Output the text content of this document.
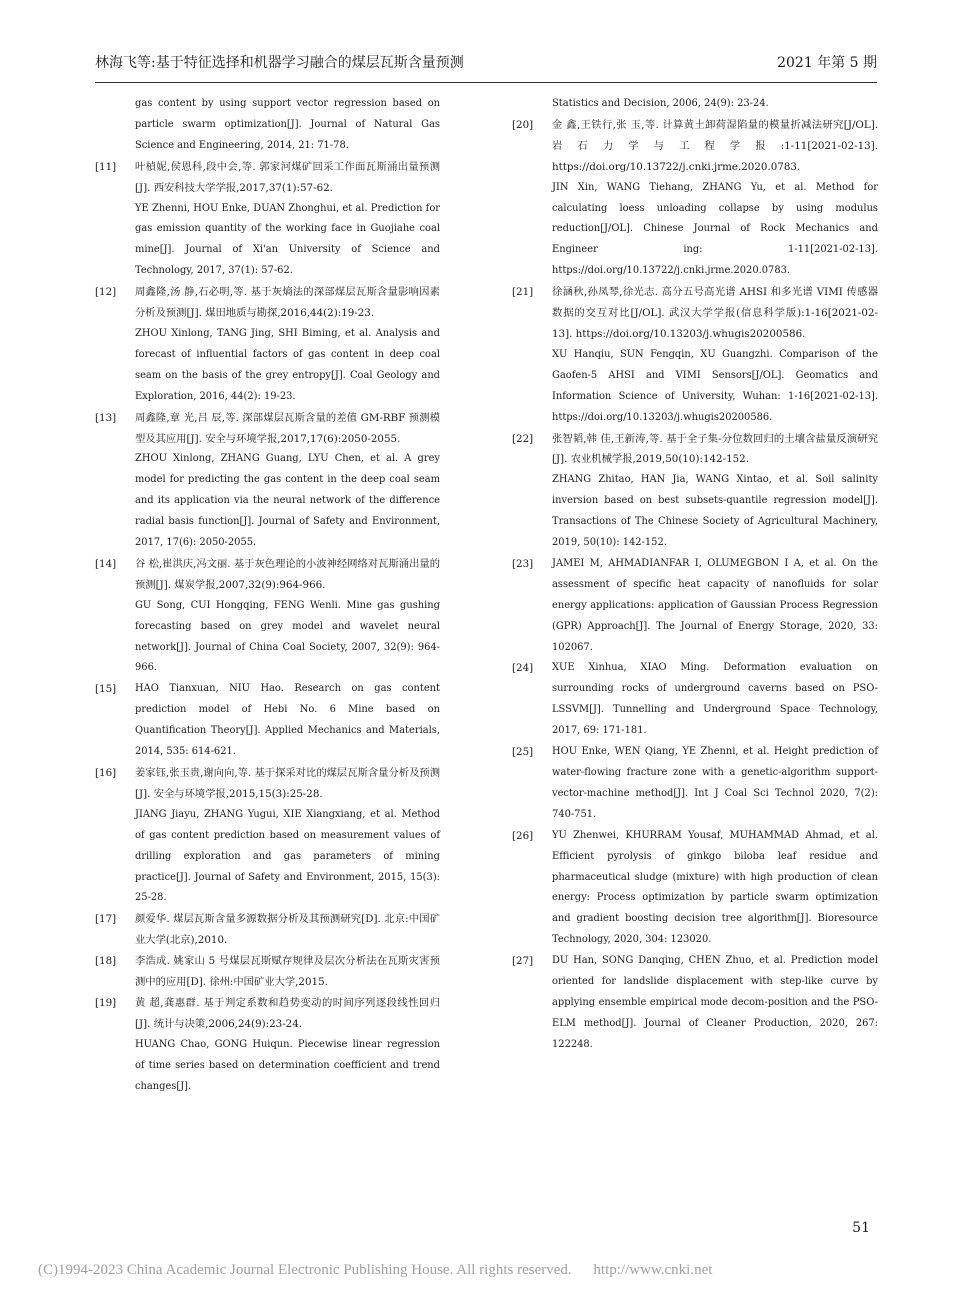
林海飞等:基于特征选择和机器学习融合的煤层瓦斯含量预测	2021 年第 5 期
gas content by using support vector regression based on particle swarm optimization[J]. Journal of Natural Gas Science and Engineering, 2014, 21: 71-78.
[11]	叶楨妮,侯恩科,段中会,等. 郭家河煤矿回采工作面瓦斯涌出量预测[J]. 西安科技大学学报,2017,37(1):57-62.
YE Zhenni, HOU Enke, DUAN Zhonghui, et al. Prediction for gas emission quantity of the working face in Guojiahe coal mine[J]. Journal of Xi'an University of Science and Technology, 2017, 37(1): 57-62.
[12]	周鑫隆,汤 静,石必明,等. 基于灰熵法的深部煤层瓦斯含量影响因素分析及预测[J]. 煤田地质与勘探,2016,44(2):19-23.
ZHOU Xinlong, TANG Jing, SHI Biming, et al. Analysis and forecast of influential factors of gas content in deep coal seam on the basis of the grey entropy[J]. Coal Geology and Exploration, 2016, 44(2): 19-23.
[13]	周鑫隆,章 光,吕 辰,等. 深部煤层瓦斯含量的差值 GM-RBF 预测模型及其应用[J]. 安全与环境学报,2017,17(6):2050-2055.
ZHOU Xinlong, ZHANG Guang, LYU Chen, et al. A grey model for predicting the gas content in the deep coal seam and its application via the neural network of the difference radial basis function[J]. Journal of Safety and Environment, 2017, 17(6): 2050-2055.
[14]	谷 松,崔洪庆,冯文丽. 基于灰色理论的小波神经网络对瓦斯涌出量的预测[J]. 煤炭学报,2007,32(9):964-966.
GU Song, CUI Hongqing, FENG Wenli. Mine gas gushing forecasting based on grey model and wavelet neural network[J]. Journal of China Coal Society, 2007, 32(9): 964-966.
[15]	HAO Tianxuan, NIU Hao. Research on gas content prediction model of Hebi No. 6 Mine based on Quantification Theory[J]. Applied Mechanics and Materials, 2014, 535: 614-621.
[16]	姜家钰,张玉贵,谢向向,等. 基于探采对比的煤层瓦斯含量分析及预测[J]. 安全与环境学报,2015,15(3):25-28.
JIANG Jiayu, ZHANG Yugui, XIE Xiangxiang, et al. Method of gas content prediction based on measurement values of drilling exploration and gas parameters of mining practice[J]. Journal of Safety and Environment, 2015, 15(3): 25-28.
[17]	颜爱华. 煤层瓦斯含量多源数据分析及其预测研究[D]. 北京:中国矿业大学(北京),2010.
[18]	李浩成. 姚家山 5 号煤层瓦斯赋存规律及层次分析法在瓦斯灾害预测中的应用[D]. 徐州:中国矿业大学,2015.
[19]	黄 超,龚惠群. 基于判定系数和趋势变动的时间序列逐段线性回归[J]. 统计与决策,2006,24(9):23-24.
HUANG Chao, GONG Huiqun. Piecewise linear regression of time series based on determination coefficient and trend changes[J].
Statistics and Decision, 2006, 24(9): 23-24.
[20]	金 鑫,王铁行,张 玉,等. 计算黄土卸荷湿陷量的模量折减法研究[J/OL]. 岩石力学与工程学报:1-11[2021-02-13]. https://doi.org/10.13722/j.cnki.jrme.2020.0783.
JIN Xin, WANG Tiehang, ZHANG Yu, et al. Method for calculating loess unloading collapse by using modulus reduction[J/OL]. Chinese Journal of Rock Mechanics and Engineer ing: 1-11[2021-02-13]. https://doi.org/10.13722/j.cnki.jrme.2020.0783.
[21]	徐涵秋,孙凤琴,徐光志. 高分五号高光谱 AHSI 和多光谱 VIMI 传感器数据的交互对比[J/OL]. 武汉大学学报(信息科学版):1-16[2021-02-13]. https://doi.org/10.13203/j.whugis20200586.
XU Hanqiu, SUN Fengqin, XU Guangzhi. Comparison of the Gaofen-5 AHSI and VIMI Sensors[J/OL]. Geomatics and Information Science of University, Wuhan: 1-16[2021-02-13]. https://doi.org/10.13203/j.whugis20200586.
[22]	张智韬,韩 佳,王新涛,等. 基于全子集-分位数回归的土壤含盐量反演研究[J]. 农业机械学报,2019,50(10):142-152.
ZHANG Zhitao, HAN Jia, WANG Xintao, et al. Soil salinity inversion based on best subsets-quantile regression model[J]. Transactions of The Chinese Society of Agricultural Machinery, 2019, 50(10): 142-152.
[23]	JAMEI M, AHMADIANFAR I, OLUMEGBON I A, et al. On the assessment of specific heat capacity of nanofluids for solar energy applications: application of Gaussian Process Regression (GPR) Approach[J]. The Journal of Energy Storage, 2020, 33: 102067.
[24]	XUE Xinhua, XIAO Ming. Deformation evaluation on surrounding rocks of underground caverns based on PSO-LSSVM[J]. Tunnelling and Underground Space Technology, 2017, 69: 171-181.
[25]	HOU Enke, WEN Qiang, YE Zhenni, et al. Height prediction of water-flowing fracture zone with a genetic-algorithm support-vector-machine method[J]. Int J Coal Sci Technol 2020, 7(2): 740-751.
[26]	YU Zhenwei, KHURRAM Yousaf, MUHAMMAD Ahmad, et al. Efficient pyrolysis of ginkgo biloba leaf residue and pharmaceutical sludge (mixture) with high production of clean energy: Process optimization by particle swarm optimization and gradient boosting decision tree algorithm[J]. Bioresource Technology, 2020, 304: 123020.
[27]	DU Han, SONG Danqing, CHEN Zhuo, et al. Prediction model oriented for landslide displacement with step-like curve by applying ensemble empirical mode decom-position and the PSO-ELM method[J]. Journal of Cleaner Production, 2020, 267: 122248.
51
(C)1994-2023 China Academic Journal Electronic Publishing House. All rights reserved. http://www.cnki.net
